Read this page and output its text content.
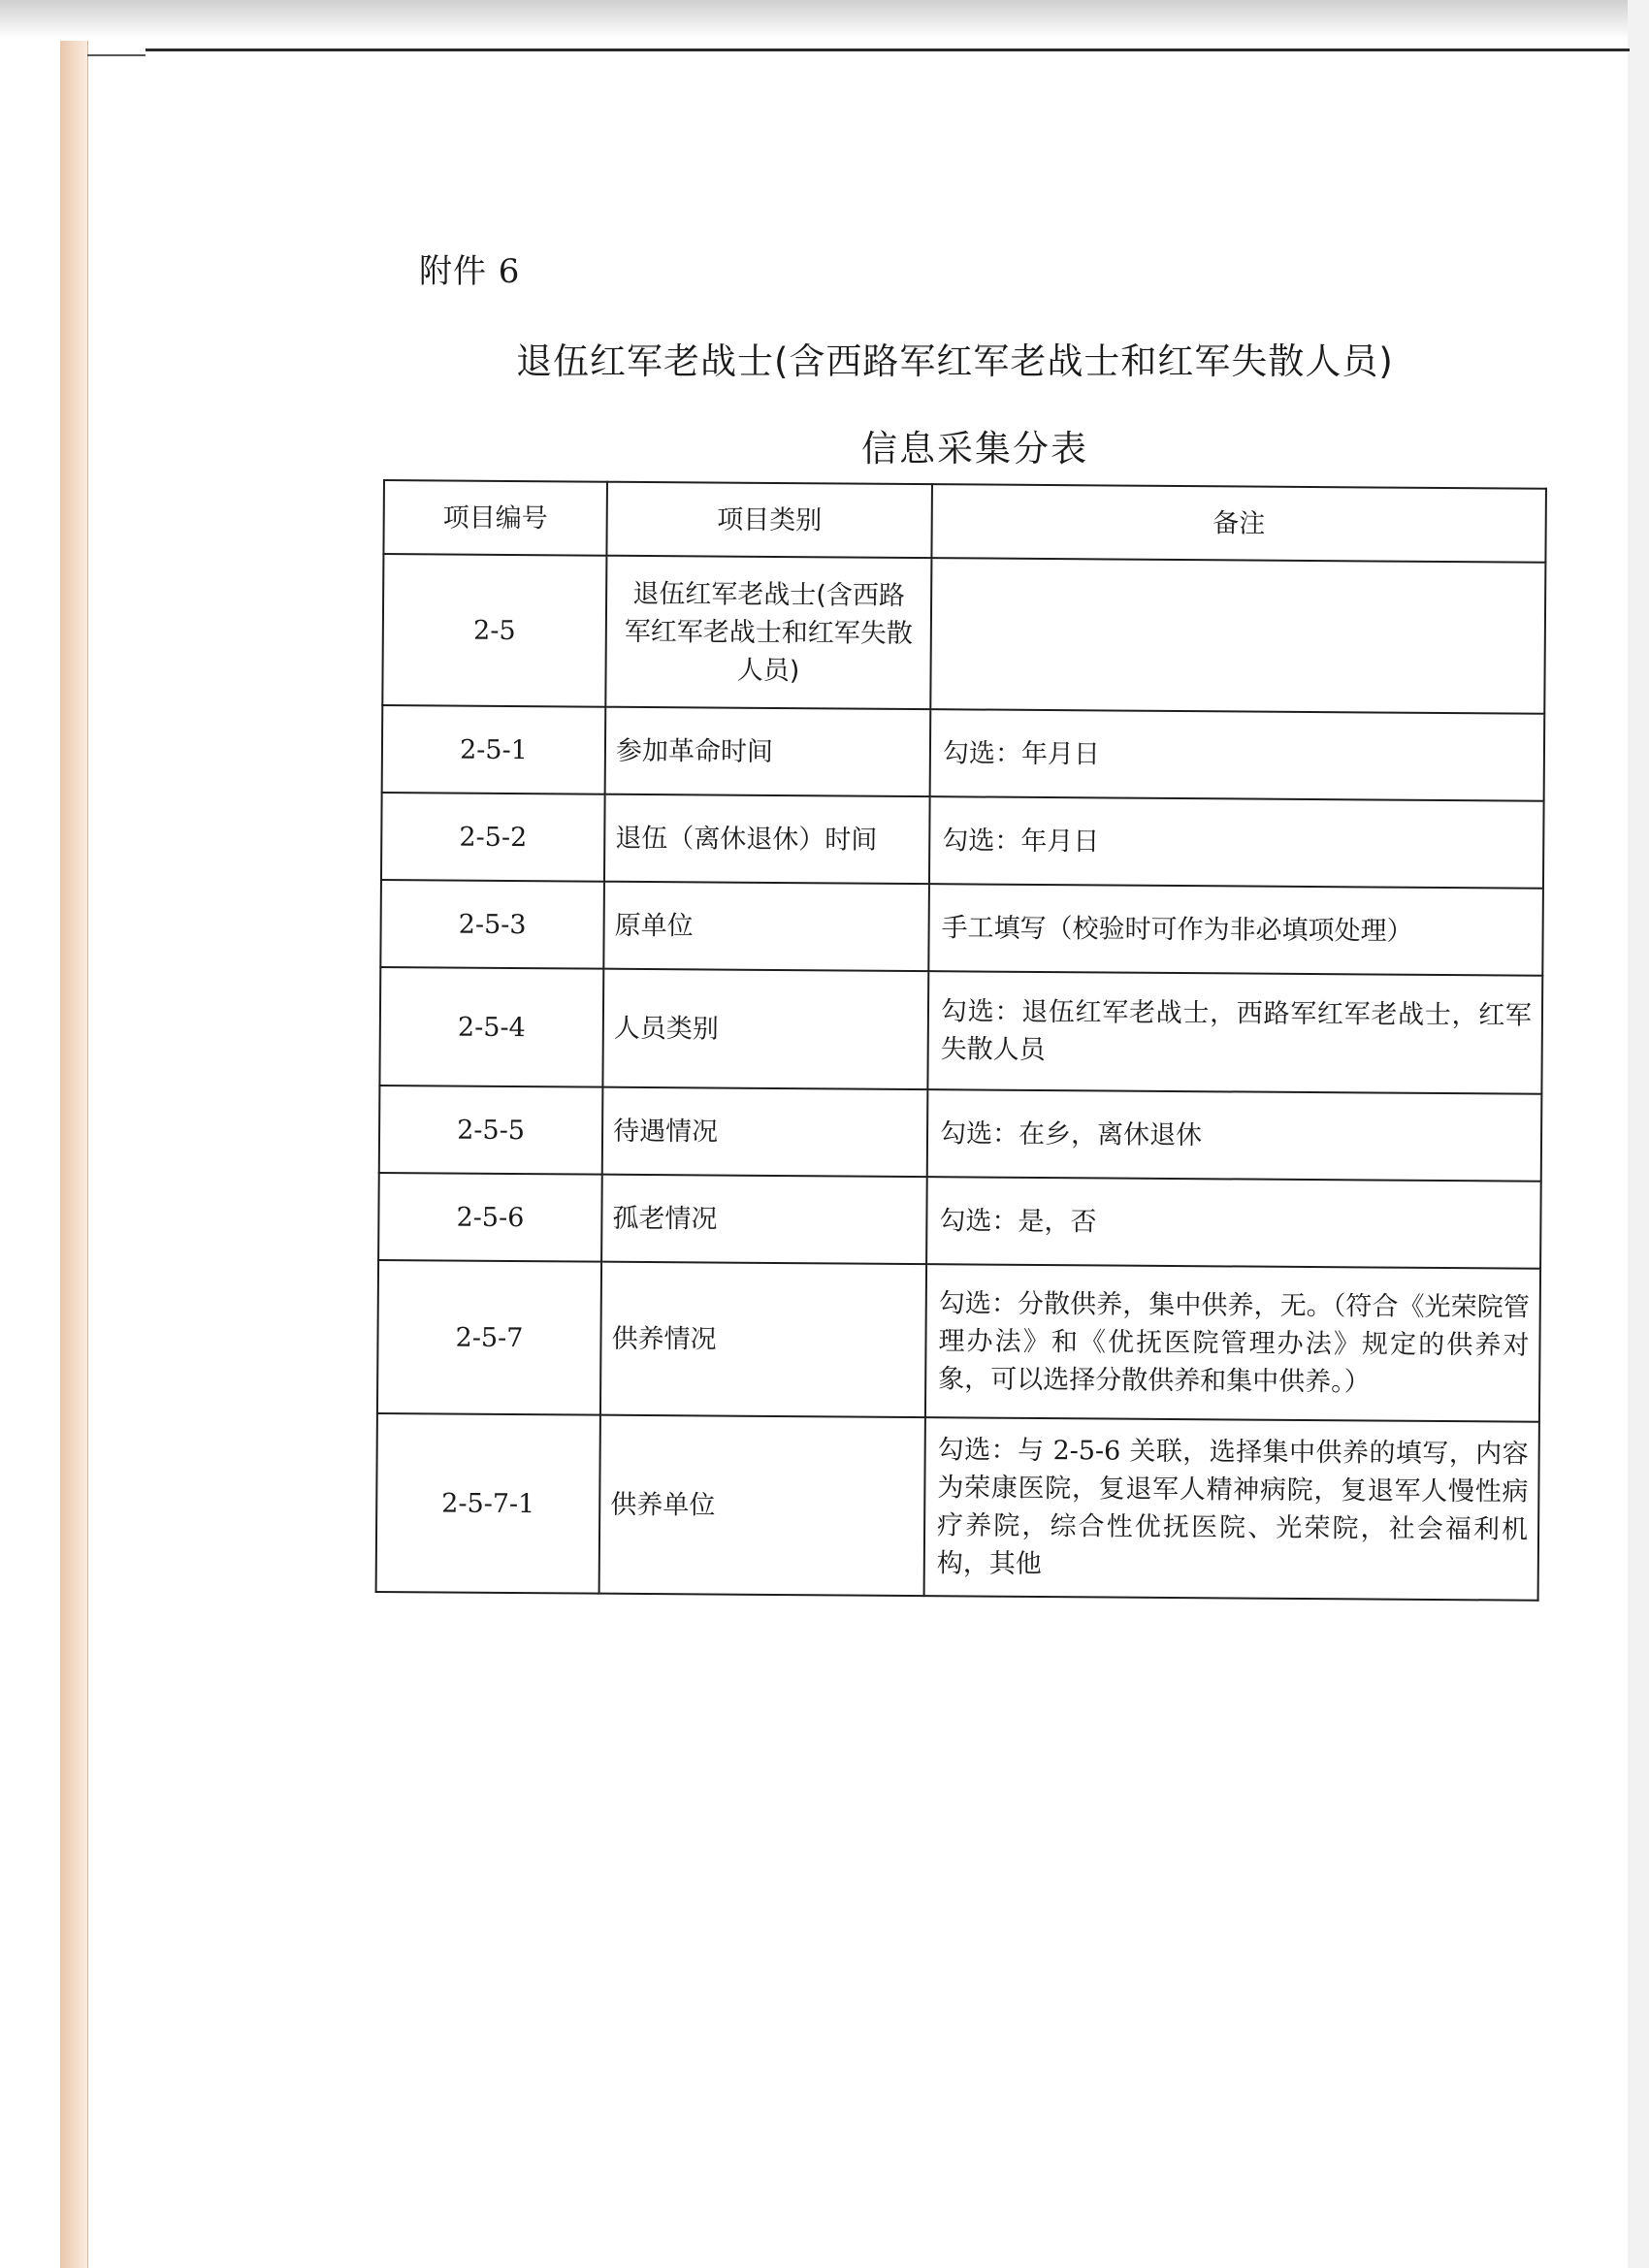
附件 6
退伍红军老战士(含西路军红军老战士和红军失散人员)
信息采集分表
项目编号	项目类别	备注
2-5	退伍红军老战士(含西路军红军老战士和红军失散人员)	
2-5-1	参加革命时间	勾选：年月日
2-5-2	退伍（离休退休）时间	勾选：年月日
2-5-3	原单位	手工填写（校验时可作为非必填项处理）
2-5-4	人员类别	勾选：退伍红军老战士，西路军红军老战士，红军失散人员
2-5-5	待遇情况	勾选：在乡，离休退休
2-5-6	孤老情况	勾选：是，否
2-5-7	供养情况	勾选：分散供养，集中供养，无。（符合《光荣院管理办法》和《优抚医院管理办法》规定的供养对象，可以选择分散供养和集中供养。）
2-5-7-1	供养单位	勾选：与 2-5-6 关联，选择集中供养的填写，内容为荣康医院，复退军人精神病院，复退军人慢性病疗养院，综合性优抚医院、光荣院，社会福利机构，其他
